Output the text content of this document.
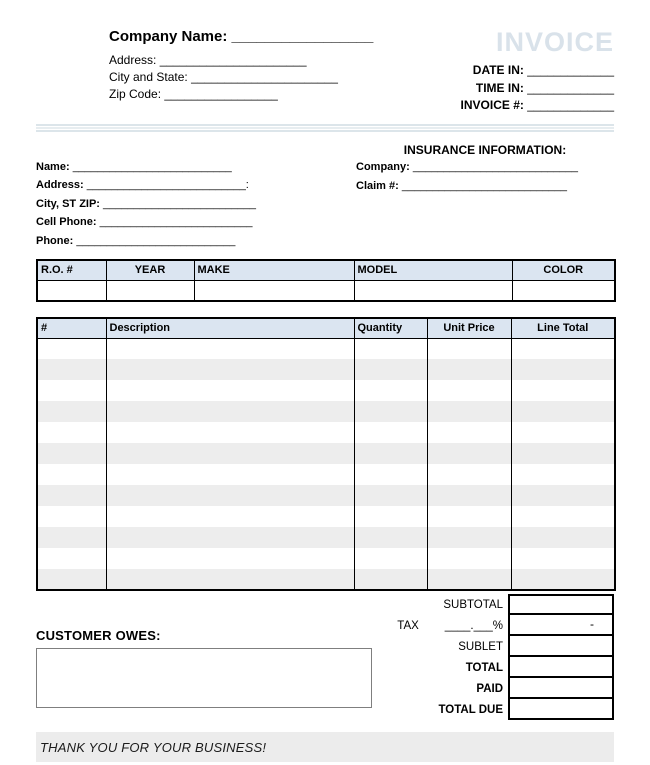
Company Name: _________________
Address: ______________________
City and State: ______________________
Zip Code: _________________
INVOICE
DATE IN: _____________
TIME IN: _____________
INVOICE #: _____________
Name: __________________________
Address: __________________________:
City, ST ZIP: _________________________
Cell Phone: _________________________
Phone: __________________________
INSURANCE INFORMATION:
Company: ___________________________
Claim #: ___________________________
R.O. #	YEAR	MAKE	MODEL	COLOR

#	Description	Quantity	Unit Price	Line Total

CUSTOMER OWES:
SUBTOTAL
TAX ____.___%	-
SUBLET
TOTAL
PAID
TOTAL DUE
THANK YOU FOR YOUR BUSINESS!
